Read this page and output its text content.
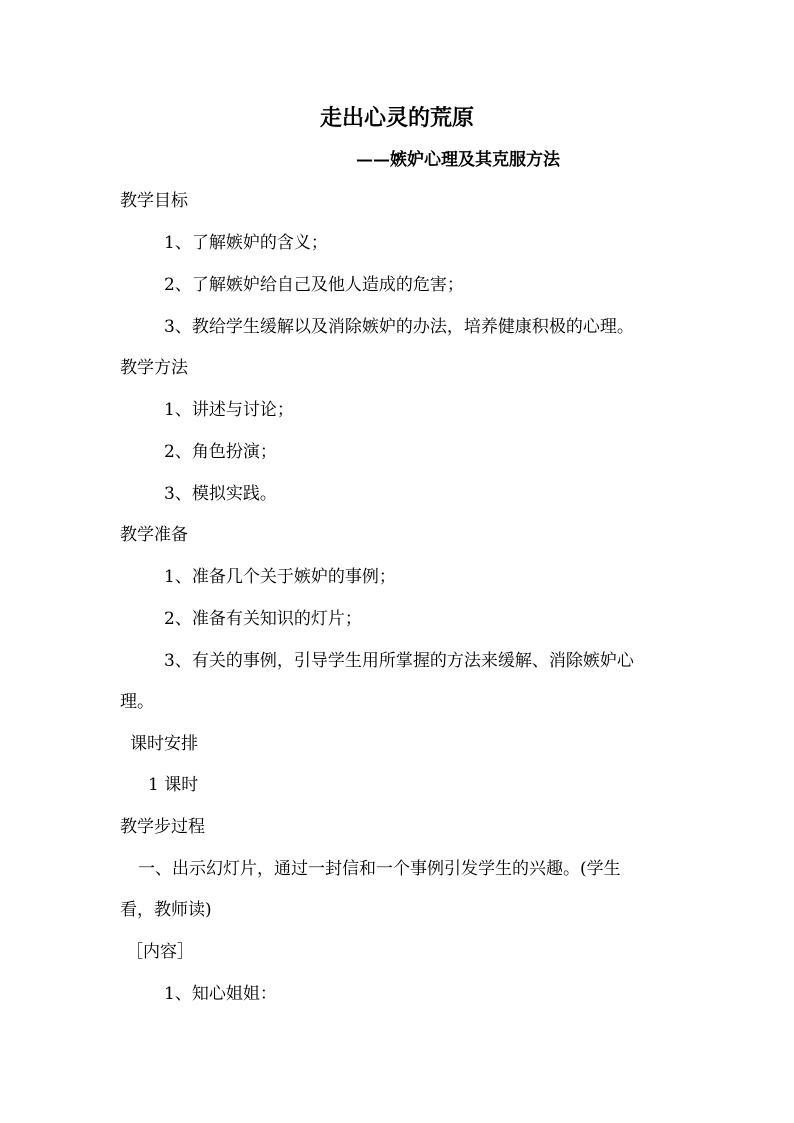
走出心灵的荒原
——嫉妒心理及其克服方法
教学目标
1、了解嫉妒的含义；
2、了解嫉妒给自己及他人造成的危害；
3、教给学生缓解以及消除嫉妒的办法，培养健康积极的心理。
教学方法
1、讲述与讨论；
2、角色扮演；
3、模拟实践。
教学准备
1、准备几个关于嫉妒的事例；
2、准备有关知识的灯片；
3、有关的事例，引导学生用所掌握的方法来缓解、消除嫉妒心
理。
课时安排
1 课时
教学步过程
一、出示幻灯片，通过一封信和一个事例引发学生的兴趣。(学生
看，教师读)
［内容］
1、知心姐姐：
